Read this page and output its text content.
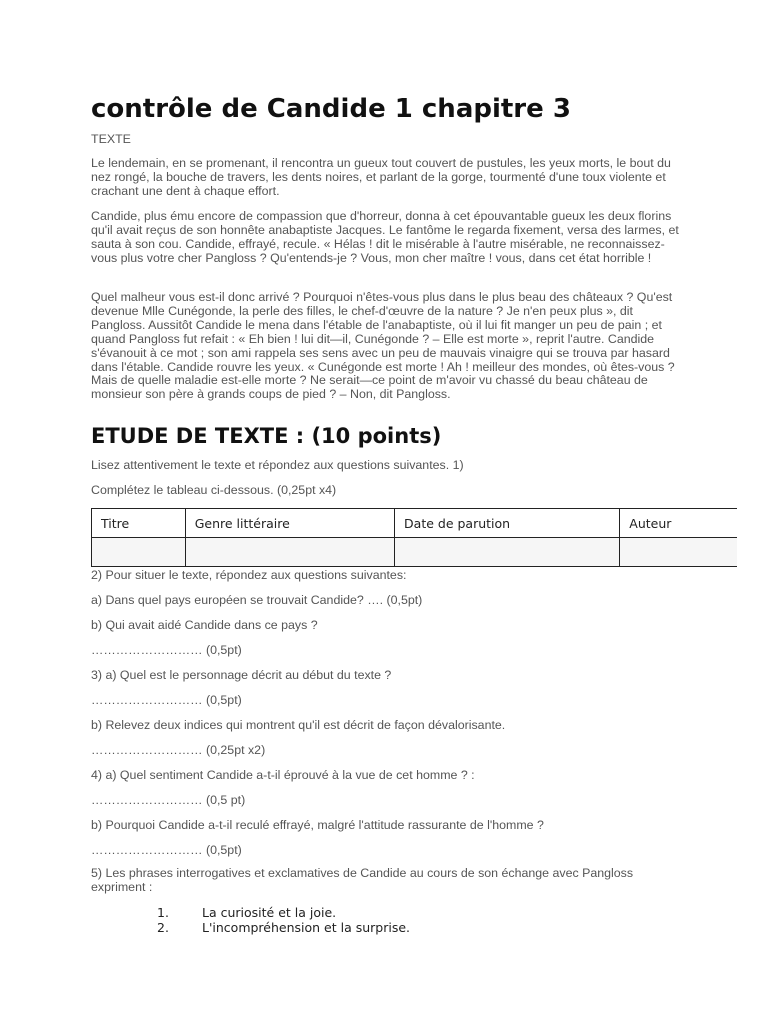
contrôle de Candide 1 chapitre 3

TEXTE

Le lendemain, en se promenant, il rencontra un gueux tout couvert de pustules, les yeux morts, le bout du nez rongé, la bouche de travers, les dents noires, et parlant de la gorge, tourmenté d'une toux violente et crachant une dent à chaque effort.

Candide, plus ému encore de compassion que d'horreur, donna à cet épouvantable gueux les deux florins qu'il avait reçus de son honnête anabaptiste Jacques. Le fantôme le regarda fixement, versa des larmes, et sauta à son cou. Candide, effrayé, recule. « Hélas ! dit le misérable à l'autre misérable, ne reconnaissez-vous plus votre cher Pangloss ? Qu'entends-je ? Vous, mon cher maître ! vous, dans cet état horrible !

Quel malheur vous est-il donc arrivé ? Pourquoi n'êtes-vous plus dans le plus beau des châteaux ? Qu'est devenue Mlle Cunégonde, la perle des filles, le chef-d'œuvre de la nature ? Je n'en peux plus », dit Pangloss. Aussitôt Candide le mena dans l'étable de l'anabaptiste, où il lui fit manger un peu de pain ; et quand Pangloss fut refait : « Eh bien ! lui dit—il, Cunégonde ? – Elle est morte », reprit l'autre. Candide s'évanouit à ce mot ; son ami rappela ses sens avec un peu de mauvais vinaigre qui se trouva par hasard dans l'étable. Candide rouvre les yeux. « Cunégonde est morte ! Ah ! meilleur des mondes, où êtes-vous ? Mais de quelle maladie est-elle morte ? Ne serait—ce point de m'avoir vu chassé du beau château de monsieur son père à grands coups de pied ? – Non, dit Pangloss.

ETUDE DE TEXTE : (10 points)

Lisez attentivement le texte et répondez aux questions suivantes. 1)

Complétez le tableau ci-dessous. (0,25pt x4)

Titre	Genre littéraire	Date de parution	Auteur

2) Pour situer le texte, répondez aux questions suivantes:

a) Dans quel pays européen se trouvait Candide? …. (0,5pt)

b) Qui avait aidé Candide dans ce pays ?

……………………… (0,5pt)

3) a) Quel est le personnage décrit au début du texte ?

……………………… (0,5pt)

b) Relevez deux indices qui montrent qu'il est décrit de façon dévalorisante.

……………………… (0,25pt x2)

4) a) Quel sentiment Candide a-t-il éprouvé à la vue de cet homme ? :

……………………… (0,5 pt)

b) Pourquoi Candide a-t-il reculé effrayé, malgré l'attitude rassurante de l'homme ?

……………………… (0,5pt)

5) Les phrases interrogatives et exclamatives de Candide au cours de son échange avec Pangloss expriment :

1.	La curiosité et la joie.
2.	L'incompréhension et la surprise.
